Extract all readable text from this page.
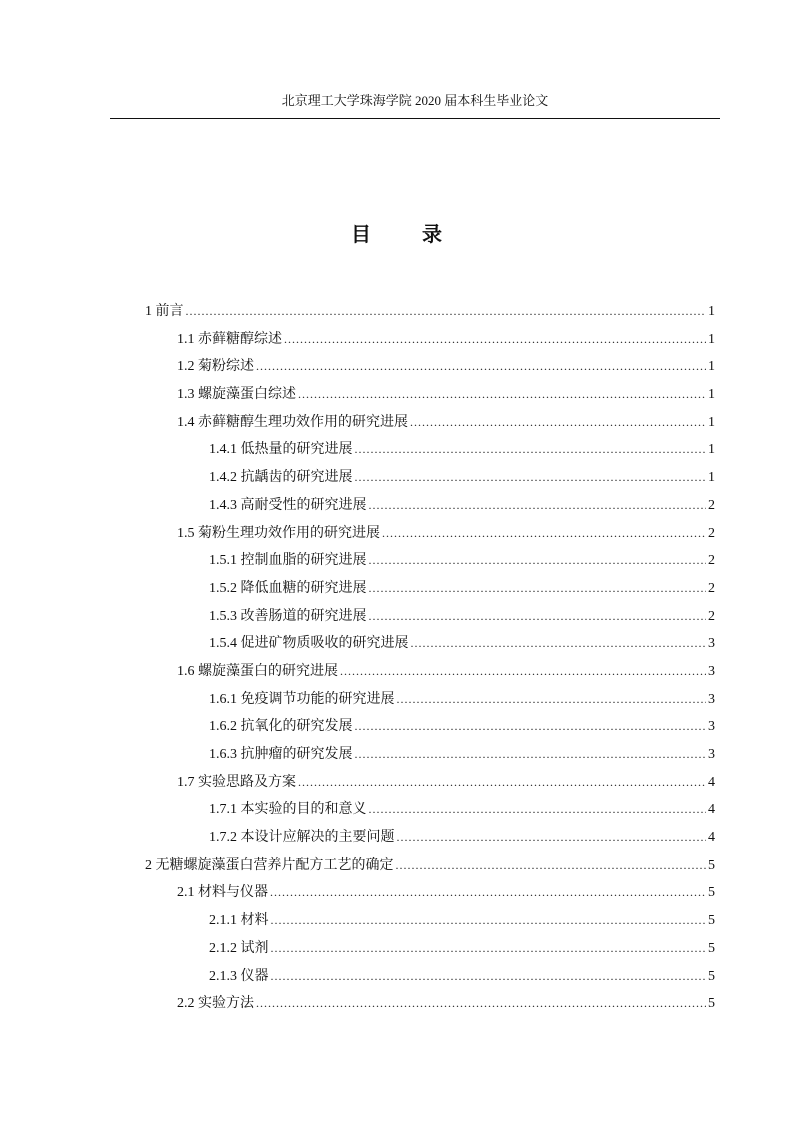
北京理工大学珠海学院 2020 届本科生毕业论文
目 录
1 前言 .....	1
1.1 赤藓糖醇综述 .....	1
1.2 菊粉综述 .....	1
1.3 螺旋藻蛋白综述 .....	1
1.4 赤藓糖醇生理功效作用的研究进展 .....	1
1.4.1 低热量的研究进展 .....	1
1.4.2 抗龋齿的研究进展 .....	1
1.4.3 高耐受性的研究进展 .....	2
1.5 菊粉生理功效作用的研究进展 .....	2
1.5.1 控制血脂的研究进展 .....	2
1.5.2 降低血糖的研究进展 .....	2
1.5.3 改善肠道的研究进展 .....	2
1.5.4 促进矿物质吸收的研究进展 .....	3
1.6 螺旋藻蛋白的研究进展 .....	3
1.6.1 免疫调节功能的研究进展 .....	3
1.6.2 抗氧化的研究发展 .....	3
1.6.3 抗肿瘤的研究发展 .....	3
1.7 实验思路及方案 .....	4
1.7.1 本实验的目的和意义 .....	4
1.7.2 本设计应解决的主要问题 .....	4
2 无糖螺旋藻蛋白营养片配方工艺的确定 .....	5
2.1 材料与仪器 .....	5
2.1.1 材料 .....	5
2.1.2 试剂 .....	5
2.1.3 仪器 .....	5
2.2 实验方法 .....	5
